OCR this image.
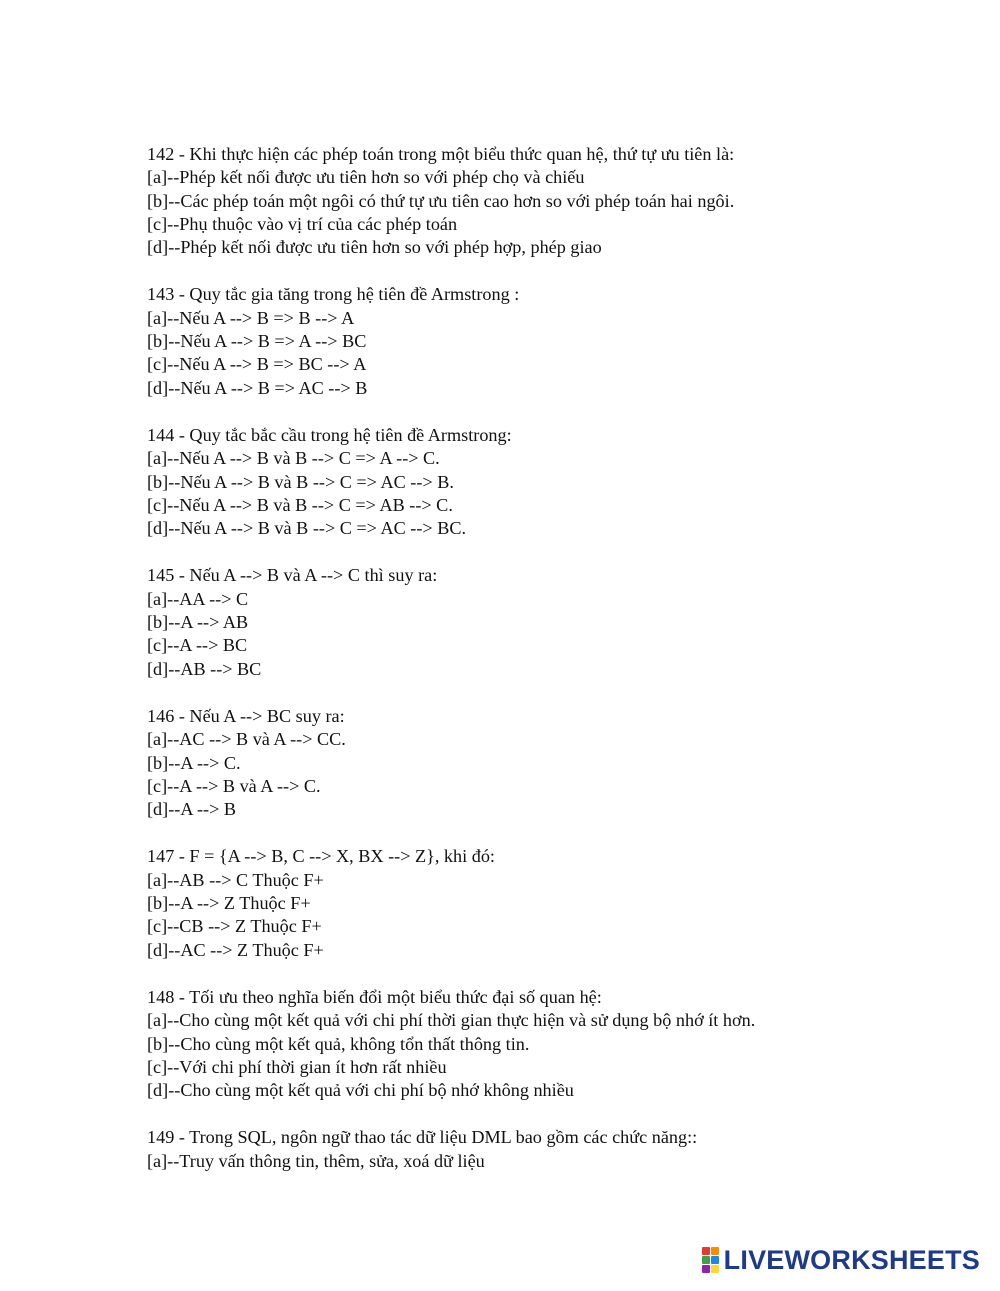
142 - Khi thực hiện các phép toán trong một biểu thức quan hệ, thứ tự ưu tiên là:
[a]--Phép kết nối được ưu tiên hơn so với phép chọ và chiếu
[b]--Các phép toán một ngôi có thứ tự ưu tiên cao hơn so với phép toán hai ngôi.
[c]--Phụ thuộc vào vị trí của các phép toán
[d]--Phép kết nối được ưu tiên hơn so với phép hợp, phép giao
143 - Quy tắc gia tăng trong hệ tiên đề Armstrong :
[a]--Nếu A --> B => B --> A
[b]--Nếu A --> B => A --> BC
[c]--Nếu A --> B => BC --> A
[d]--Nếu A --> B => AC --> B
144 - Quy tắc bắc cầu trong hệ tiên đề Armstrong:
[a]--Nếu A --> B và B --> C => A --> C.
[b]--Nếu A --> B và B --> C => AC --> B.
[c]--Nếu A --> B và B --> C => AB --> C.
[d]--Nếu A --> B và B --> C => AC --> BC.
145 - Nếu A --> B và A --> C thì suy ra:
[a]--AA --> C
[b]--A --> AB
[c]--A --> BC
[d]--AB --> BC
146 - Nếu A --> BC suy ra:
[a]--AC --> B và A --> CC.
[b]--A --> C.
[c]--A --> B và A --> C.
[d]--A --> B
147 - F = {A --> B, C --> X, BX --> Z}, khi đó:
[a]--AB --> C Thuộc F+
[b]--A --> Z Thuộc F+
[c]--CB --> Z Thuộc F+
[d]--AC --> Z Thuộc F+
148 - Tối ưu theo nghĩa biến đổi một biểu thức đại số quan hệ:
[a]--Cho cùng một kết quả với chi phí thời gian thực hiện và sử dụng bộ nhớ ít hơn.
[b]--Cho cùng một kết quả, không tổn thất thông tin.
[c]--Với chi phí thời gian ít hơn rất nhiều
[d]--Cho cùng một kết quả với chi phí bộ nhớ không nhiều
149 - Trong SQL, ngôn ngữ thao tác dữ liệu DML bao gồm các chức năng::
[a]--Truy vấn thông tin, thêm, sửa, xoá dữ liệu
LIVEWORKSHEETS
